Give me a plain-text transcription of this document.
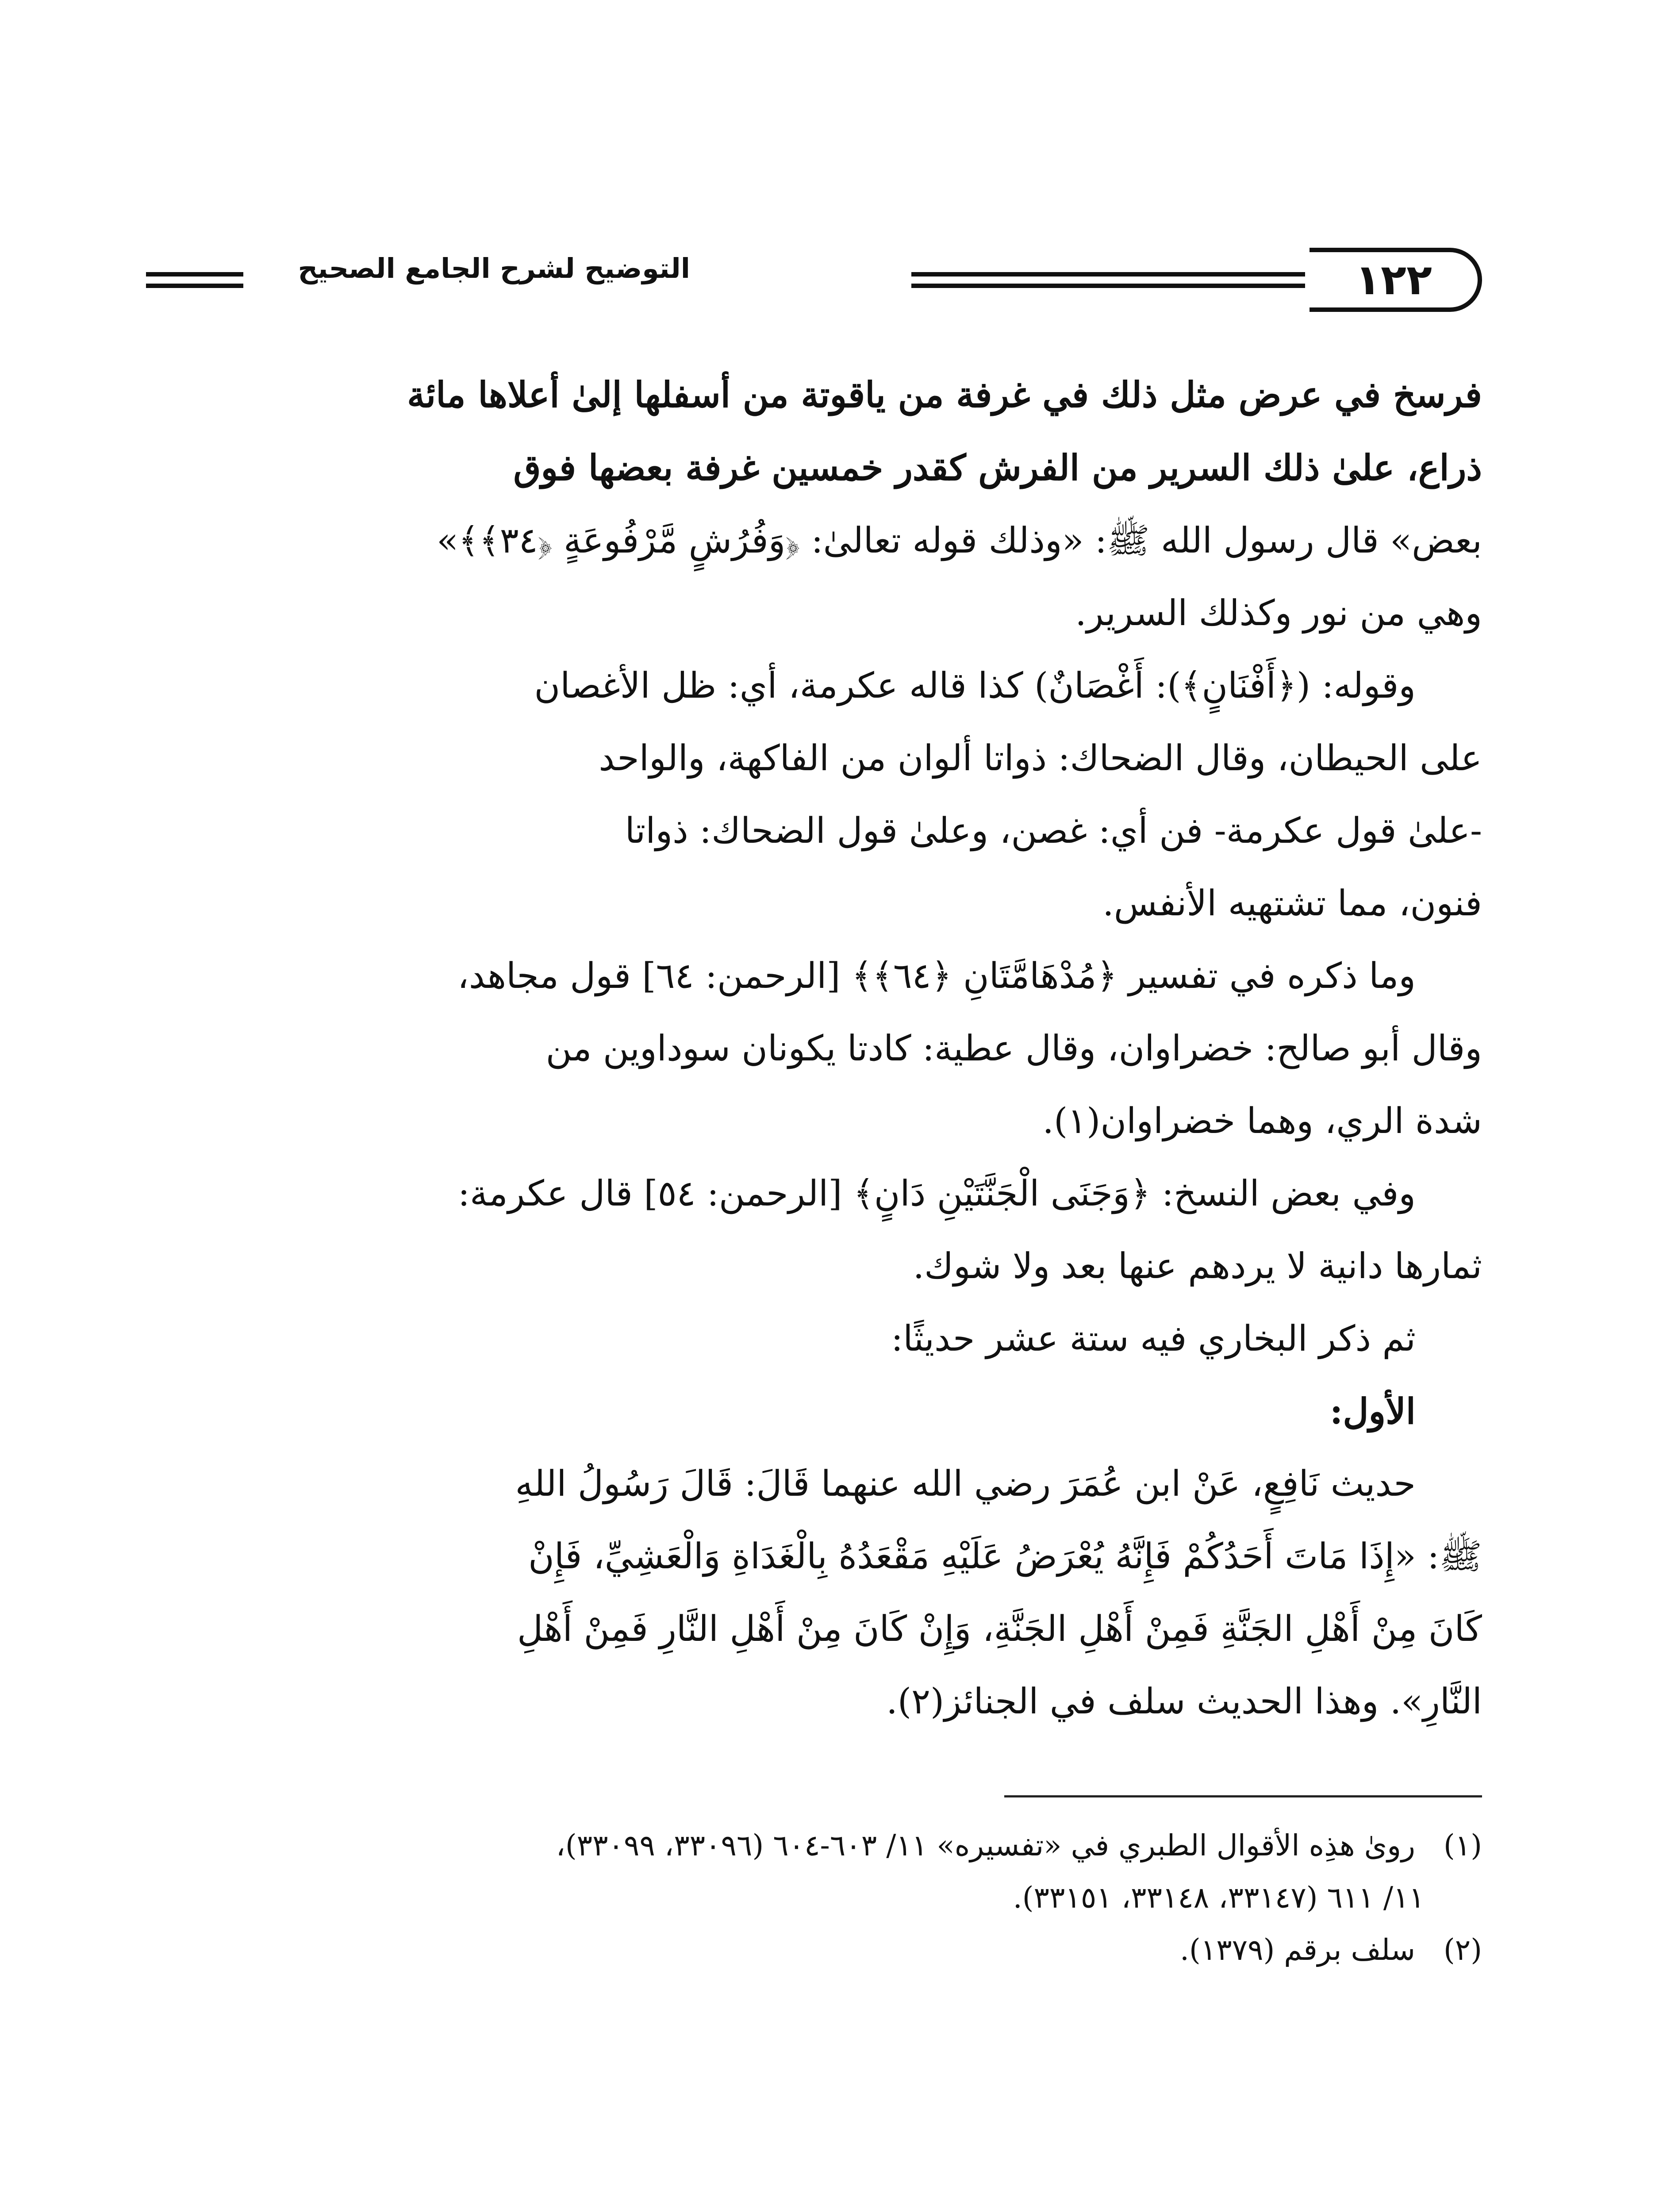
١٢٢
التوضيح لشرح الجامع الصحيح

فرسخ في عرض مثل ذلك في غرفة من ياقوتة من أسفلها إلىٰ أعلاها مائة
ذراع، علىٰ ذلك السرير من الفرش كقدر خمسين غرفة بعضها فوق
بعض» قال رسول الله ﷺ: «وذلك قوله تعالىٰ: ﴿وَفُرُشٍ مَّرْفُوعَةٍ ﴿٣٤﴾﴾»
وهي من نور وكذلك السرير.

وقوله: (﴿أَفْنَانٍ﴾): أَغْصَانٌ) كذا قاله عكرمة، أي: ظل الأغصان
على الحيطان، وقال الضحاك: ذواتا ألوان من الفاكهة، والواحد
-علىٰ قول عكرمة- فن أي: غصن، وعلىٰ قول الضحاك: ذواتا
فنون، مما تشتهيه الأنفس.

وما ذكره في تفسير ﴿مُدْهَامَّتَانِ ﴿٦٤﴾﴾ [الرحمن: ٦٤] قول مجاهد،
وقال أبو صالح: خضراوان، وقال عطية: كادتا يكونان سوداوين من
شدة الري، وهما خضراوان(١).

وفي بعض النسخ: ﴿وَجَنَى الْجَنَّتَيْنِ دَانٍ﴾ [الرحمن: ٥٤] قال عكرمة:
ثمارها دانية لا يردهم عنها بعد ولا شوك.

ثم ذكر البخاري فيه ستة عشر حديثًا:

الأول:

حديث نَافِعٍ، عَنْ ابن عُمَرَ رضي الله عنهما قَالَ: قَالَ رَسُولُ اللهِ
ﷺ: «إِذَا مَاتَ أَحَدُكُمْ فَإِنَّهُ يُعْرَضُ عَلَيْهِ مَقْعَدُهُ بِالْغَدَاةِ وَالْعَشِيِّ، فَإِنْ
كَانَ مِنْ أَهْلِ الجَنَّةِ فَمِنْ أَهْلِ الجَنَّةِ، وَإِنْ كَانَ مِنْ أَهْلِ النَّارِ فَمِنْ أَهْلِ
النَّارِ». وهذا الحديث سلف في الجنائز(٢).

(١) روىٰ هذِه الأقوال الطبري في «تفسيره» ١١/ ٦٠٣-٦٠٤ (٣٣٠٩٦، ٣٣٠٩٩)،

١١/ ٦١١ (٣٣١٤٧، ٣٣١٤٨، ٣٣١٥١).

(٢) سلف برقم (١٣٧٩).
